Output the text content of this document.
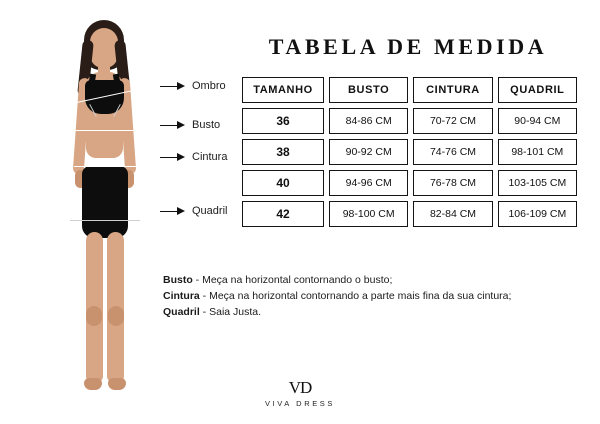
Ombro
Busto
Cintura
Quadril
TABELA DE MEDIDA
TAMANHO	BUSTO	CINTURA	QUADRIL
36	84-86 CM	70-72 CM	90-94 CM
38	90-92 CM	74-76 CM	98-101 CM
40	94-96 CM	76-78 CM	103-105 CM
42	98-100 CM	82-84 CM	106-109 CM
Busto - Meça na horizontal contornando o busto;
Cintura - Meça na horizontal contornando a parte mais fina da sua cintura;
Quadril - Saia Justa.
VD
VIVA DRESS
